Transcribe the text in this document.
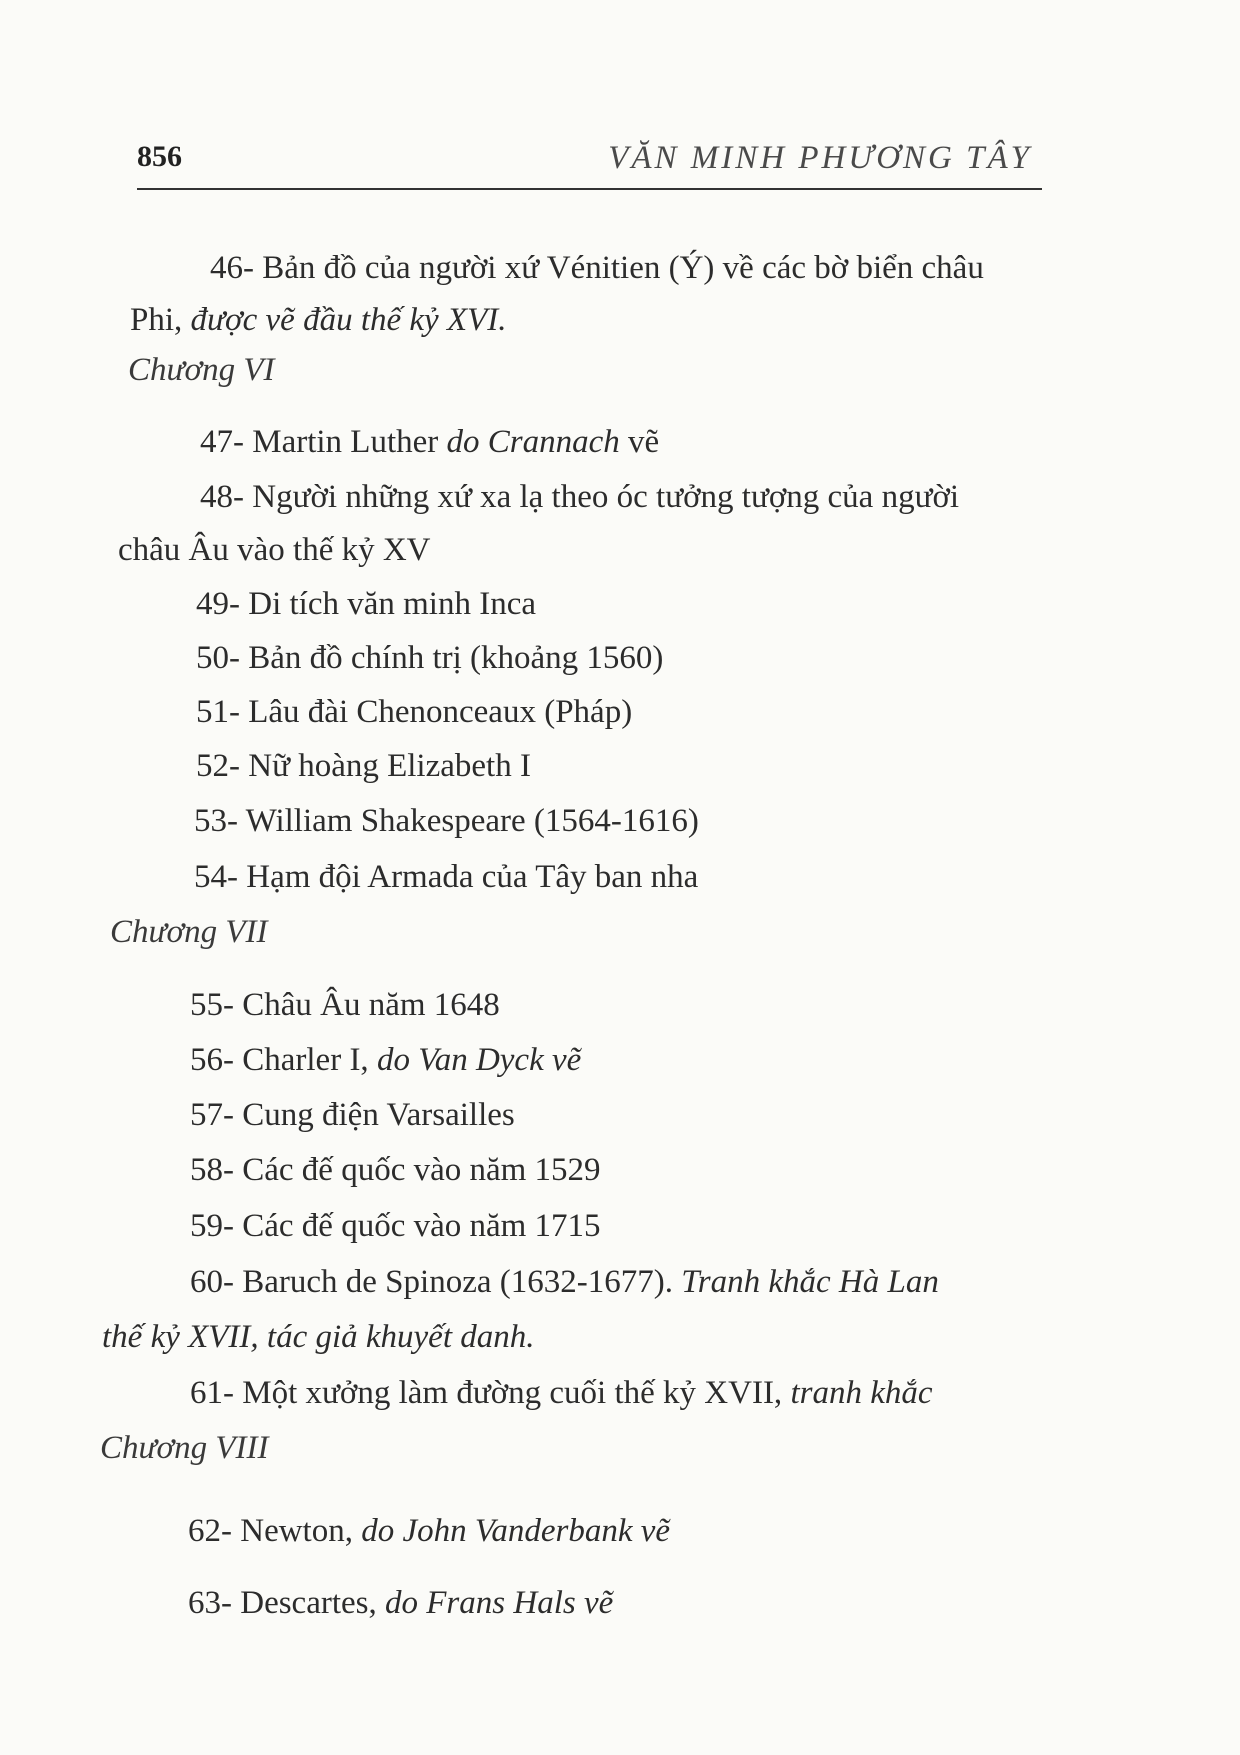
856	VĂN MINH PHƯƠNG TÂY
46- Bản đồ của người xứ Vénitien (Ý) về các bờ biển châu
Phi, được vẽ đầu thế kỷ XVI.
Chương VI
47- Martin Luther do Crannach vẽ
48- Người những xứ xa lạ theo óc tưởng tượng của người
châu Âu vào thế kỷ XV
49- Di tích văn minh Inca
50- Bản đồ chính trị (khoảng 1560)
51- Lâu đài Chenonceaux (Pháp)
52- Nữ hoàng Elizabeth I
53- William Shakespeare (1564-1616)
54- Hạm đội Armada của Tây ban nha
Chương VII
55- Châu Âu năm 1648
56- Charler I, do Van Dyck vẽ
57- Cung điện Varsailles
58- Các đế quốc vào năm 1529
59- Các đế quốc vào năm 1715
60- Baruch de Spinoza (1632-1677). Tranh khắc Hà Lan
thế kỷ XVII, tác giả khuyết danh.
61- Một xưởng làm đường cuối thế kỷ XVII, tranh khắc
Chương VIII
62- Newton, do John Vanderbank vẽ
63- Descartes, do Frans Hals vẽ
